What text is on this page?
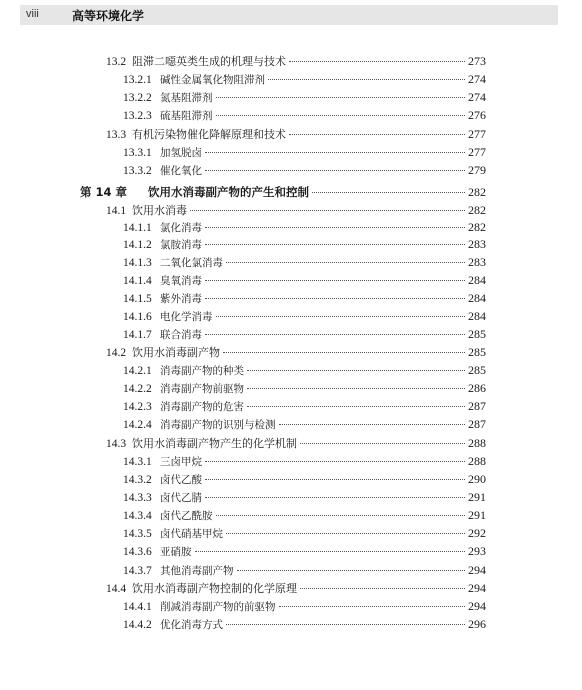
viii	高等环境化学
13.2 阻滞二噁英类生成的机理与技术	273
13.2.1 碱性金属氧化物阻滞剂	274
13.2.2 氮基阻滞剂	274
13.2.3 硫基阻滞剂	276
13.3 有机污染物催化降解原理和技术	277
13.3.1 加氢脱卤	277
13.3.2 催化氧化	279
第 14 章	饮用水消毒副产物的产生和控制	282
14.1 饮用水消毒	282
14.1.1 氯化消毒	282
14.1.2 氯胺消毒	283
14.1.3 二氧化氯消毒	283
14.1.4 臭氧消毒	284
14.1.5 紫外消毒	284
14.1.6 电化学消毒	284
14.1.7 联合消毒	285
14.2 饮用水消毒副产物	285
14.2.1 消毒副产物的种类	285
14.2.2 消毒副产物前驱物	286
14.2.3 消毒副产物的危害	287
14.2.4 消毒副产物的识别与检测	287
14.3 饮用水消毒副产物产生的化学机制	288
14.3.1 三卤甲烷	288
14.3.2 卤代乙酸	290
14.3.3 卤代乙腈	291
14.3.4 卤代乙酰胺	291
14.3.5 卤代硝基甲烷	292
14.3.6 亚硝胺	293
14.3.7 其他消毒副产物	294
14.4 饮用水消毒副产物控制的化学原理	294
14.4.1 削减消毒副产物的前驱物	294
14.4.2 优化消毒方式	296
